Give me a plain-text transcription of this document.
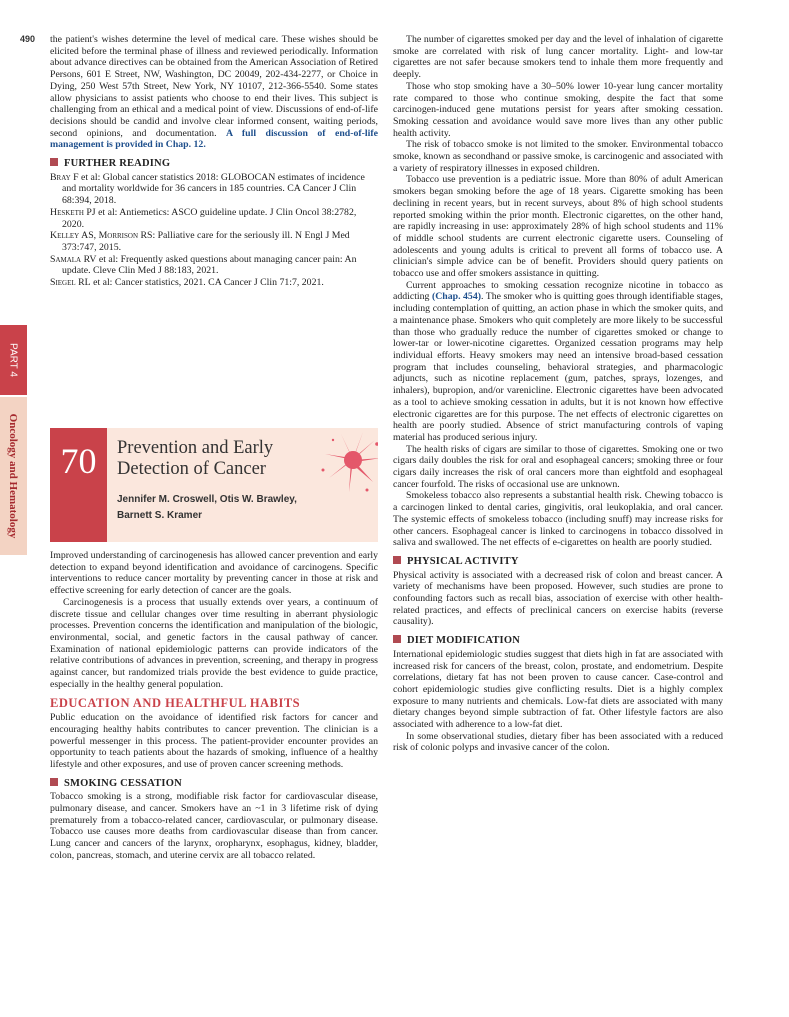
490
PART 4
Oncology and Hematology

the patient's wishes determine the level of medical care. These wishes should be elicited before the terminal phase of illness and reviewed periodically. Information about advance directives can be obtained from the American Association of Retired Persons, 601 E Street, NW, Washington, DC 20049, 202-434-2277, or Choice in Dying, 250 West 57th Street, New York, NY 10107, 212-366-5540. Some states allow physicians to assist patients who choose to end their lives. This subject is challenging from an ethical and a medical point of view. Discussions of end-of-life decisions should be candid and involve clear informed consent, waiting periods, second opinions, and documentation. A full discussion of end-of-life management is provided in Chap. 12.

FURTHER READING
Bray F et al: Global cancer statistics 2018: GLOBOCAN estimates of incidence and mortality worldwide for 36 cancers in 185 countries. CA Cancer J Clin 68:394, 2018.
Hesketh PJ et al: Antiemetics: ASCO guideline update. J Clin Oncol 38:2782, 2020.
Kelley AS, Morrison RS: Palliative care for the seriously ill. N Engl J Med 373:747, 2015.
Samala RV et al: Frequently asked questions about managing cancer pain: An update. Cleve Clin Med J 88:183, 2021.
Siegel RL et al: Cancer statistics, 2021. CA Cancer J Clin 71:7, 2021.
70	Prevention and Early Detection of Cancer
Jennifer M. Croswell, Otis W. Brawley,
Barnett S. Kramer

Improved understanding of carcinogenesis has allowed cancer prevention and early detection to expand beyond identification and avoidance of carcinogens. Specific interventions to reduce cancer mortality by preventing cancer in those at risk and effective screening for early detection of cancer are the goals.

Carcinogenesis is a process that usually extends over years, a continuum of discrete tissue and cellular changes over time resulting in aberrant physiologic processes. Prevention concerns the identification and manipulation of the biologic, environmental, social, and genetic factors in the causal pathway of cancer. Examination of national epidemiologic patterns can provide indicators of the relative contributions of advances in prevention, screening, and therapy in progress against cancer, but randomized trials provide the best evidence to guide practice, especially in the healthy general population.

EDUCATION AND HEALTHFUL HABITS

Public education on the avoidance of identified risk factors for cancer and encouraging healthy habits contributes to cancer prevention. The clinician is a powerful messenger in this process. The patient-provider encounter provides an opportunity to teach patients about the hazards of smoking, influence of a healthy lifestyle and other exposures, and use of proven cancer screening methods.

SMOKING CESSATION

Tobacco smoking is a strong, modifiable risk factor for cardiovascular disease, pulmonary disease, and cancer. Smokers have an ~1 in 3 lifetime risk of dying prematurely from a tobacco-related cancer, cardiovascular, or pulmonary disease. Tobacco use causes more deaths from cardiovascular disease than from cancer. Lung cancer and cancers of the larynx, oropharynx, esophagus, kidney, bladder, colon, pancreas, stomach, and uterine cervix are all tobacco related.

The number of cigarettes smoked per day and the level of inhalation of cigarette smoke are correlated with risk of lung cancer mortality. Light- and low-tar cigarettes are not safer because smokers tend to inhale them more frequently and deeply.

Those who stop smoking have a 30–50% lower 10-year lung cancer mortality rate compared to those who continue smoking, despite the fact that some carcinogen-induced gene mutations persist for years after smoking cessation. Smoking cessation and avoidance would save more lives than any other public health activity.

The risk of tobacco smoke is not limited to the smoker. Environmental tobacco smoke, known as secondhand or passive smoke, is carcinogenic and associated with a variety of respiratory illnesses in exposed children.

Tobacco use prevention is a pediatric issue. More than 80% of adult American smokers began smoking before the age of 18 years. Cigarette smoking has been declining in recent years, but in recent surveys, about 8% of high school students reported smoking within the prior month. Electronic cigarettes, on the other hand, are rapidly increasing in use: approximately 28% of high school students and 11% of middle school students are current electronic cigarette users. Counseling of adolescents and young adults is critical to prevent all forms of tobacco use. A clinician's simple advice can be of benefit. Providers should query patients on tobacco use and offer smokers assistance in quitting.

Current approaches to smoking cessation recognize nicotine in tobacco as addicting (Chap. 454). The smoker who is quitting goes through identifiable stages, including contemplation of quitting, an action phase in which the smoker quits, and a maintenance phase. Smokers who quit completely are more likely to be successful than those who gradually reduce the number of cigarettes smoked or change to lower-tar or lower-nicotine cigarettes. Organized cessation programs may help individual efforts. Heavy smokers may need an intensive broad-based cessation program that includes counseling, behavioral strategies, and pharmacologic adjuncts, such as nicotine replacement (gum, patches, sprays, lozenges, and inhalers), bupropion, and/or varenicline. Electronic cigarettes have been advocated as a tool to achieve smoking cessation in adults, but it is not known how effective electronic cigarettes are for this purpose. The net effects of electronic cigarettes on health are poorly studied. Absence of strict manufacturing controls of vaping material has produced serious injury.

The health risks of cigars are similar to those of cigarettes. Smoking one or two cigars daily doubles the risk for oral and esophageal cancers; smoking three or four cigars daily increases the risk of oral cancers more than eightfold and esophageal cancer fourfold. The risks of occasional use are unknown.

Smokeless tobacco also represents a substantial health risk. Chewing tobacco is a carcinogen linked to dental caries, gingivitis, oral leukoplakia, and oral cancer. The systemic effects of smokeless tobacco (including snuff) may increase risks for other cancers. Esophageal cancer is linked to carcinogens in tobacco dissolved in saliva and swallowed. The net effects of e-cigarettes on health are poorly studied.

PHYSICAL ACTIVITY

Physical activity is associated with a decreased risk of colon and breast cancer. A variety of mechanisms have been proposed. However, such studies are prone to confounding factors such as recall bias, association of exercise with other health-related practices, and effects of preclinical cancers on exercise habits (reverse causality).

DIET MODIFICATION

International epidemiologic studies suggest that diets high in fat are associated with increased risk for cancers of the breast, colon, prostate, and endometrium. Despite correlations, dietary fat has not been proven to cause cancer. Case-control and cohort epidemiologic studies give conflicting results. Diet is a highly complex exposure to many nutrients and chemicals. Low-fat diets are associated with many dietary changes beyond simple subtraction of fat. Other lifestyle factors are also associated with adherence to a low-fat diet.

In some observational studies, dietary fiber has been associated with a reduced risk of colonic polyps and invasive cancer of the colon.
